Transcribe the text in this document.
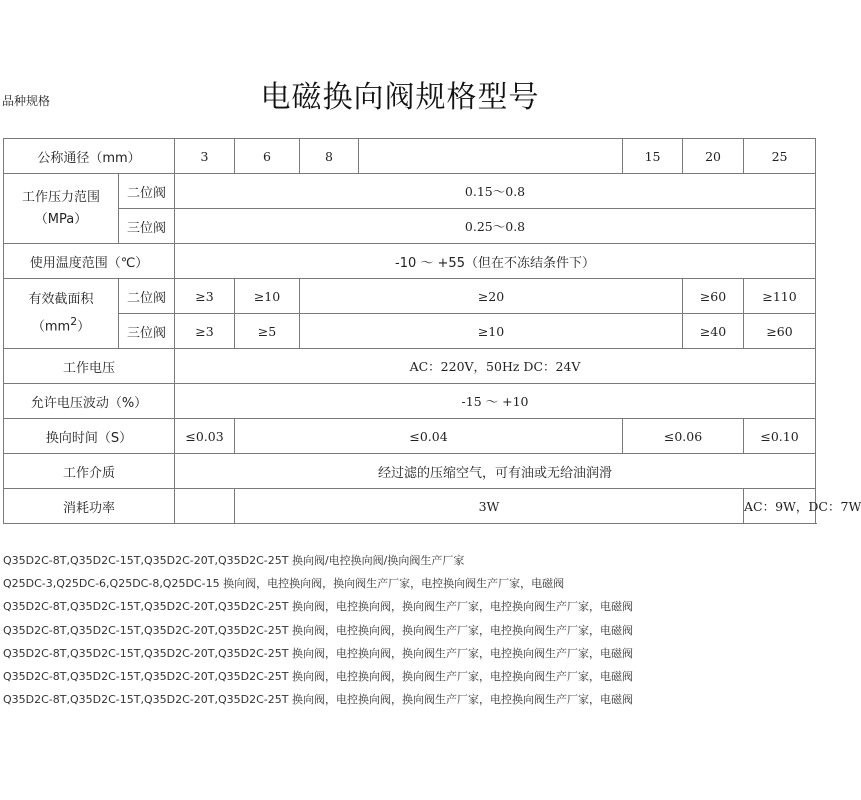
电磁换向阀规格型号
品种规格
公称通径（mm）		3	6	8		15	20	25	
工作压力范围
（MPa）	二位阀	0.15～0.8							
	三位阀	0.25～0.8							
使用温度范围（℃）		-10 ～ +55（但在不冻结条件下）							
有效截面积
$(mm^2)$	二位阀	≥3	≥10	≥20			≥60	≥110	
	三位阀	≥3	≥5	≥10			≥40	≥60	
工作电压		AC：220V，50Hz DC：24V							
允许电压波动（%）		-15 ～ +10							
换向时间（S）		≤0.03	≤0.04			≤0.06		≤0.10	
工作介质		经过滤的压缩空气，可有油或无给油润滑							
消耗功率			3W					AC：9W，DC：7W	
Q35D2C-8T,Q35D2C-15T,Q35D2C-20T,Q35D2C-25T 换向阀/电控换向阀/换向阀生产厂家
Q25DC-3,Q25DC-6,Q25DC-8,Q25DC-15 换向阀，电控换向阀，换向阀生产厂家，电控换向阀生产厂家，电磁阀
Q35D2C-8T,Q35D2C-15T,Q35D2C-20T,Q35D2C-25T 换向阀，电控换向阀，换向阀生产厂家，电控换向阀生产厂家，电磁阀
Q35D2C-8T,Q35D2C-15T,Q35D2C-20T,Q35D2C-25T 换向阀，电控换向阀，换向阀生产厂家，电控换向阀生产厂家，电磁阀
Q35D2C-8T,Q35D2C-15T,Q35D2C-20T,Q35D2C-25T 换向阀，电控换向阀，换向阀生产厂家，电控换向阀生产厂家，电磁阀
Q35D2C-8T,Q35D2C-15T,Q35D2C-20T,Q35D2C-25T 换向阀，电控换向阀，换向阀生产厂家，电控换向阀生产厂家，电磁阀
Q35D2C-8T,Q35D2C-15T,Q35D2C-20T,Q35D2C-25T 换向阀，电控换向阀，换向阀生产厂家，电控换向阀生产厂家，电磁阀
